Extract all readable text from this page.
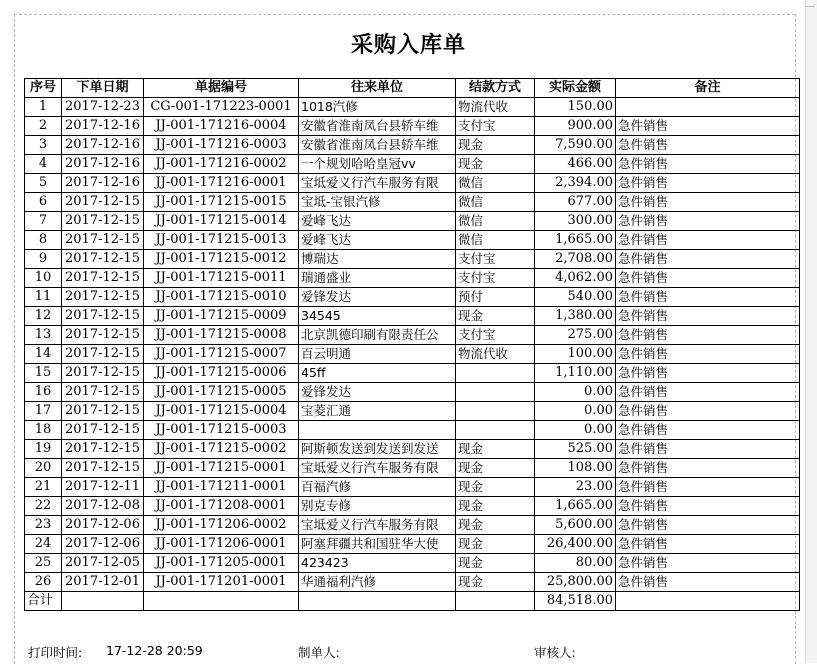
采购入库单
序号	下单日期	单据编号	往来单位	结款方式	实际金额	备注
1	2017-12-23	CG-001-171223-0001	1018汽修	物流代收	150.00	
2	2017-12-16	JJ-001-171216-0004	安徽省淮南凤台县轿车维	支付宝	900.00	急件销售
3	2017-12-16	JJ-001-171216-0003	安徽省淮南凤台县轿车维	现金	7,590.00	急件销售
4	2017-12-16	JJ-001-171216-0002	一个规划哈哈皇冠vv	现金	466.00	急件销售
5	2017-12-16	JJ-001-171216-0001	宝坻爱义行汽车服务有限	微信	2,394.00	急件销售
6	2017-12-15	JJ-001-171215-0015	宝坻-宝银汽修	微信	677.00	急件销售
7	2017-12-15	JJ-001-171215-0014	爱峰飞达	微信	300.00	急件销售
8	2017-12-15	JJ-001-171215-0013	爱峰飞达	微信	1,665.00	急件销售
9	2017-12-15	JJ-001-171215-0012	博瑞达	支付宝	2,708.00	急件销售
10	2017-12-15	JJ-001-171215-0011	瑞通盛业	支付宝	4,062.00	急件销售
11	2017-12-15	JJ-001-171215-0010	爱锋发达	预付	540.00	急件销售
12	2017-12-15	JJ-001-171215-0009	34545	现金	1,380.00	急件销售
13	2017-12-15	JJ-001-171215-0008	北京凯德印刷有限责任公	支付宝	275.00	急件销售
14	2017-12-15	JJ-001-171215-0007	百云明通	物流代收	100.00	急件销售
15	2017-12-15	JJ-001-171215-0006	45ff		1,110.00	急件销售
16	2017-12-15	JJ-001-171215-0005	爱锋发达		0.00	急件销售
17	2017-12-15	JJ-001-171215-0004	宝菱汇通		0.00	急件销售
18	2017-12-15	JJ-001-171215-0003			0.00	急件销售
19	2017-12-15	JJ-001-171215-0002	阿斯顿发送到发送到发送	现金	525.00	急件销售
20	2017-12-15	JJ-001-171215-0001	宝坻爱义行汽车服务有限	现金	108.00	急件销售
21	2017-12-11	JJ-001-171211-0001	百福汽修	现金	23.00	急件销售
22	2017-12-08	JJ-001-171208-0001	别克专修	现金	1,665.00	急件销售
23	2017-12-06	JJ-001-171206-0002	宝坻爱义行汽车服务有限	现金	5,600.00	急件销售
24	2017-12-06	JJ-001-171206-0001	阿塞拜疆共和国驻华大使	现金	26,400.00	急件销售
25	2017-12-05	JJ-001-171205-0001	423423	现金	80.00	急件销售
26	2017-12-01	JJ-001-171201-0001	华通福利汽修	现金	25,800.00	急件销售
合计					84,518.00	
打印时间: 17-12-28 20:59	制单人:	审核人:
